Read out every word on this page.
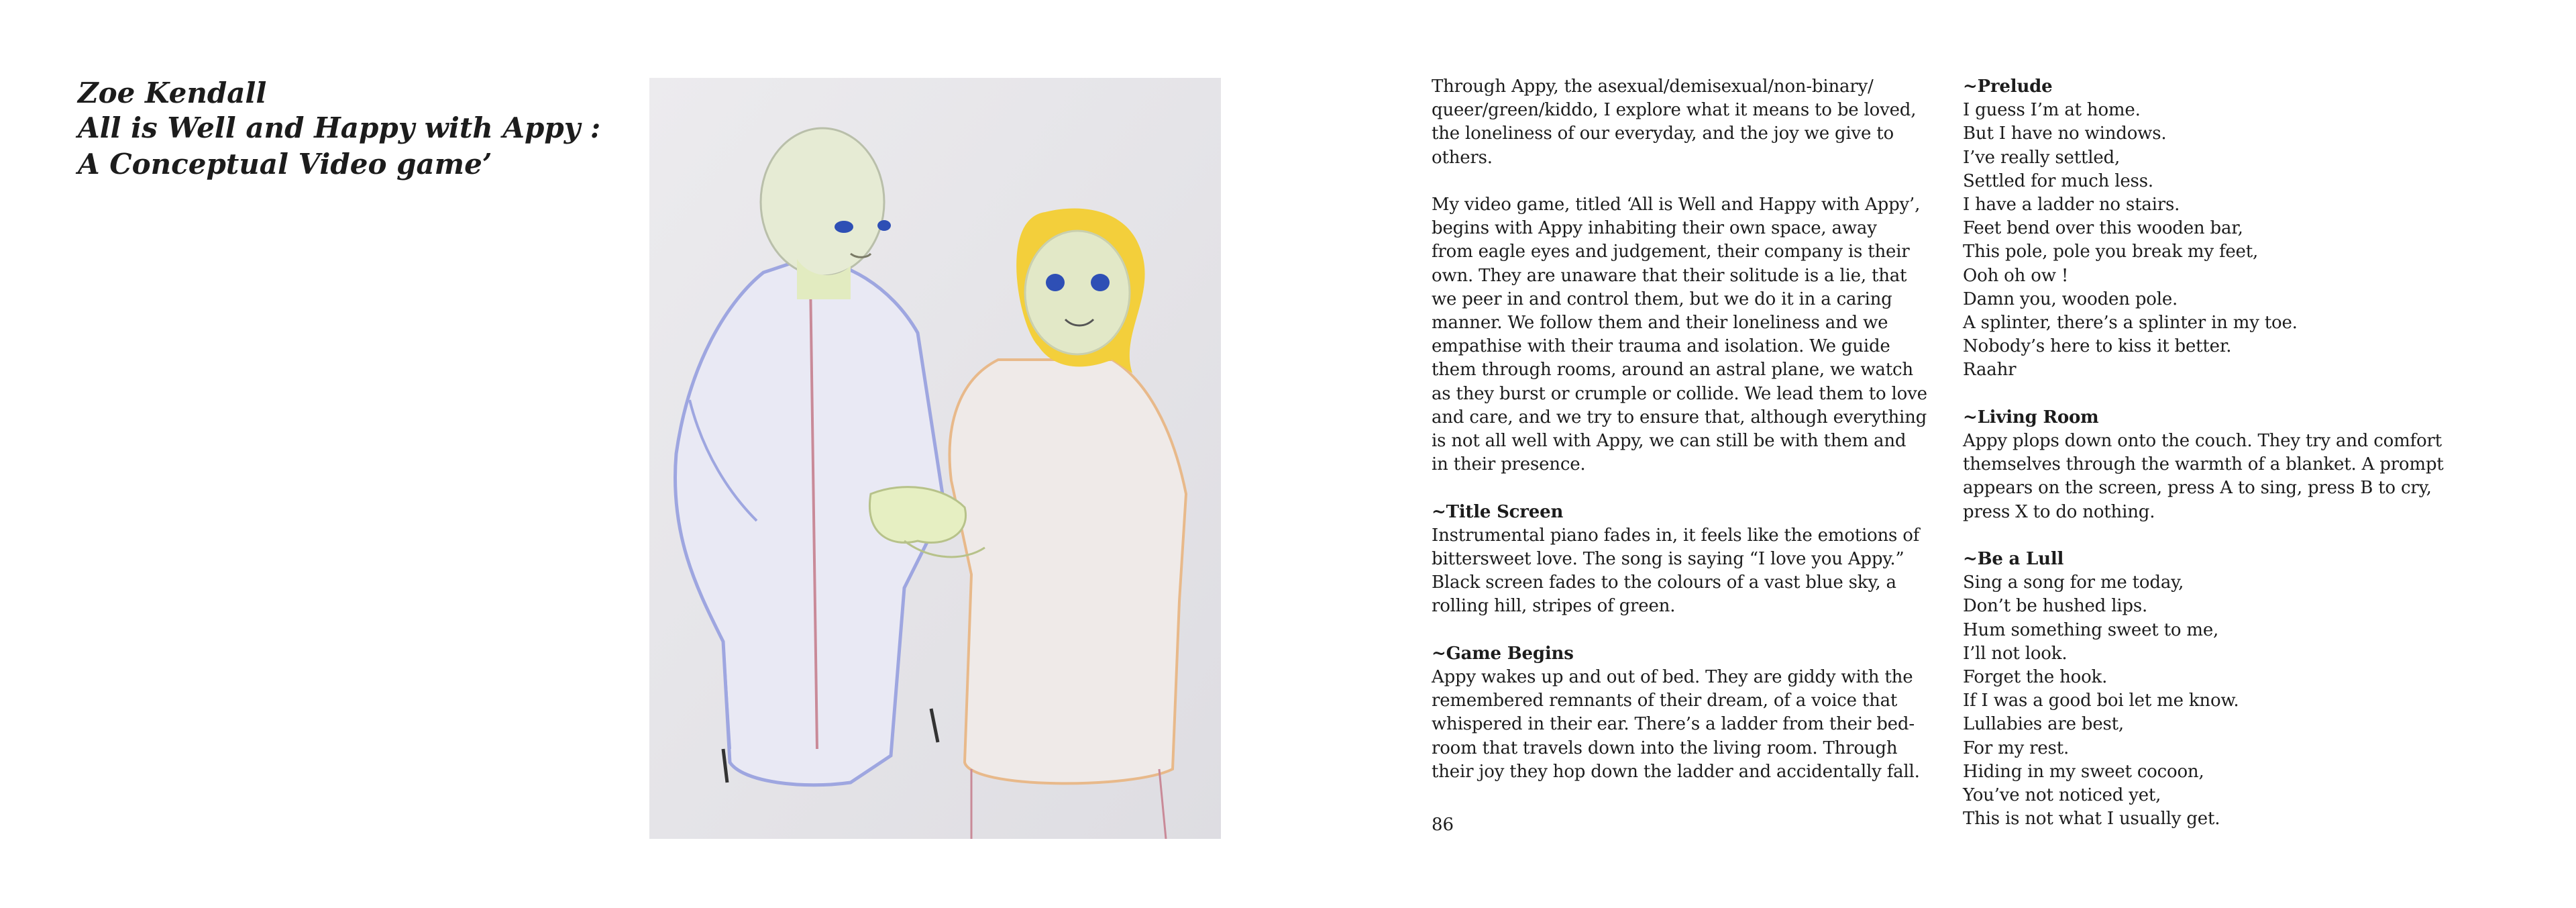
Zoe Kendall
All is Well and Happy with Appy :
A Conceptual Video game’

Through Appy, the asexual/demisexual/non-binary/
queer/green/kiddo, I explore what it means to be loved,
the loneliness of our everyday, and the joy we give to
others.

My video game, titled ‘All is Well and Happy with Appy’,
begins with Appy inhabiting their own space, away
from eagle eyes and judgement, their company is their
own. They are unaware that their solitude is a lie, that
we peer in and control them, but we do it in a caring
manner. We follow them and their loneliness and we
empathise with their trauma and isolation. We guide
them through rooms, around an astral plane, we watch
as they burst or crumple or collide. We lead them to love
and care, and we try to ensure that, although everything
is not all well with Appy, we can still be with them and
in their presence.

~Title Screen
Instrumental piano fades in, it feels like the emotions of
bittersweet love. The song is saying “I love you Appy.”
Black screen fades to the colours of a vast blue sky, a
rolling hill, stripes of green.
~Game Begins
Appy wakes up and out of bed. They are giddy with the
remembered remnants of their dream, of a voice that
whispered in their ear. There’s a ladder from their bed-
room that travels down into the living room. Through
their joy they hop down the ladder and accidentally fall.
86
~Prelude
I guess I’m at home.
But I have no windows.
I’ve really settled,
Settled for much less.
I have a ladder no stairs.
Feet bend over this wooden bar,
This pole, pole you break my feet,
Ooh oh ow !
Damn you, wooden pole.
A splinter, there’s a splinter in my toe.
Nobody’s here to kiss it better.
Raahr
~Living Room
Appy plops down onto the couch. They try and comfort
themselves through the warmth of a blanket. A prompt
appears on the screen, press A to sing, press B to cry,
press X to do nothing.
~Be a Lull
Sing a song for me today,
Don’t be hushed lips.
Hum something sweet to me,
I’ll not look.
Forget the hook.
If I was a good boi let me know.
Lullabies are best,
For my rest.
Hiding in my sweet cocoon,
You’ve not noticed yet,
This is not what I usually get.
